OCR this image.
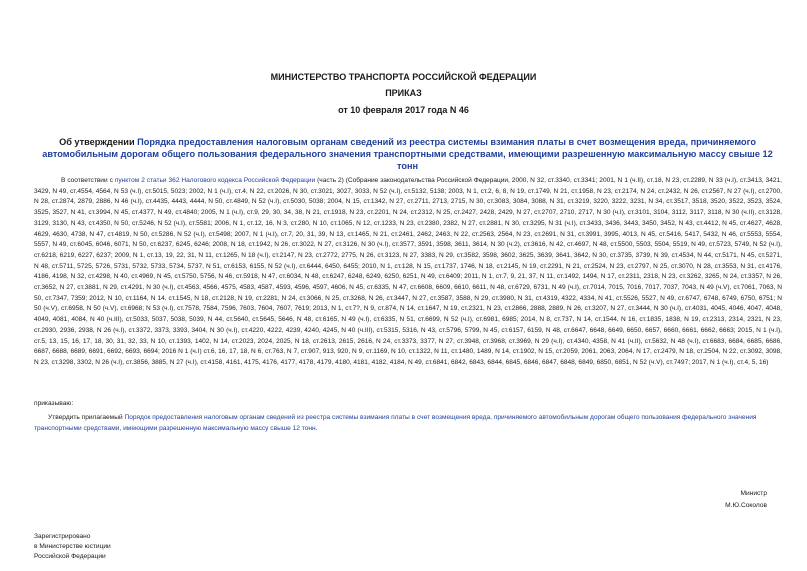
МИНИСТЕРСТВО ТРАНСПОРТА РОССИЙСКОЙ ФЕДЕРАЦИИ
ПРИКАЗ
от 10 февраля 2017 года N 46
Об утверждении Порядка предоставления налоговым органам сведений из реестра системы взимания платы в счет возмещения вреда, причиняемого автомобильным дорогам общего пользования федерального значения транспортными средствами, имеющими разрешенную максимальную массу свыше 12 тонн
В соответствии с пунктом 2 статьи 362 Налогового кодекса Российской Федерации (часть 2) (Собрание законодательства Российской Федерации, 2000, N 32, ст.3340, ст.3341; 2001, N 1 (ч.II), ст.18, N 23, ст.2289, N 33 (ч.I), ст.3413, 3421, 3429, N 49, ст.4554, 4564, N 53 (ч.I), ст.5015, 5023; 2002, N 1 (ч.I), ст.4, N 22, ст.2026, N 30, ст.3021, 3027, 3033, N 52 (ч.I), ст.5132, 5138; 2003, N 1, ст.2, 6, 8, N 19, ст.1749, N 21, ст.1958, N 23, ст.2174, N 24, ст.2432, N 26, ст.2567, N 27 (ч.I), ст.2700, N 28, ст.2874, 2879, 2886, N 46 (ч.I), ст.4435, 4443, 4444, N 50, ст.4849, N 52 (ч.I), ст.5030, 5038; 2004, N 15, ст.1342, N 27, ст.2711, 2713, 2715, N 30, ст.3083, 3084, 3088, N 31, ст.3219, 3220, 3222, 3231, N 34, ст.3517, 3518, 3520, 3522, 3523, 3524, 3525, 3527, N 41, ст.3994, N 45, ст.4377, N 49, ст.4840; 2005, N 1 (ч.I), ст.9, 29, 30, 34, 38, N 21, ст.1918, N 23, ст.2201, N 24, ст.2312, N 25, ст.2427, 2428, 2429, N 27, ст.2707, 2710, 2717, N 30 (ч.I), ст.3101, 3104, 3112, 3117, 3118, N 30 (ч.II), ст.3128, 3129, 3130, N 43, ст.4350, N 50, ст.5246, N 52 (ч.I), ст.5581; 2006, N 1, ст.12, 16, N 3, ст.280, N 10, ст.1065, N 12, ст.1233, N 23, ст.2380, 2382, N 27, ст.2881, N 30, ст.3295, N 31 (ч.I), ст.3433, 3436, 3443, 3450, 3452, N 43, ст.4412, N 45, ст.4627, 4628, 4629, 4630, 4738, N 47, ст.4819, N 50, ст.5286, N 52 (ч.I), ст.5498; 2007, N 1 (ч.I), ст.7, 20, 31, 39, N 13, ст.1465, N 21, ст.2461, 2462, 2463, N 22, ст.2563, 2564, N 23, ст.2691, N 31, ст.3991, 3995, 4013, N 45, ст.5416, 5417, 5432, N 46, ст.5553, 5554, 5557, N 49, ст.6045, 6046, 6071, N 50, ст.6237, 6245, 6246; 2008, N 18, ст.1942, N 26, ст.3022, N 27, ст.3126, N 30 (ч.I), ст.3577, 3591, 3598, 3611, 3614, N 30 (ч.2), ст.3616, N 42, ст.4697, N 48, ст.5500, 5503, 5504, 5519, N 49, ст.5723, 5749, N 52 (ч.I), ст.6218, 6219, 6227, 6237; 2009, N 1, ст.13, 19, 22, 31, N 11, ст.1265, N 18 (ч.I), ст.2147, N 23, ст.2772, 2775, N 26, ст.3123, N 27, 3383, N 29, ст.3582, 3598, 3602, 3625, 3639, 3641, 3642, N 30, ст.3735, 3739, N 39, ст.4534, N 44, ст.5171, N 45, ст.5271, N 48, ст.5711, 5725, 5726, 5731, 5732, 5733, 5734, 5737, N 51, ст.6153, 6155, N 52 (ч.I), ст.6444, 6450, 6455; 2010, N 1, ст.128, N 15, ст.1737, 1746, N 18, ст.2145, N 19, ст.2291, N 21, ст.2524, N 23, ст.2797, N 25, ст.3070, N 28, ст.3553, N 31, ст.4176, 4186, 4198, N 32, ст.4298, N 40, ст.4969, N 45, ст.5750, 5756, N 46, ст.5918, N 47, ст.6034, N 48, ст.6247, 6248, 6249, 6250, 6251, N 49, ст.6409; 2011, N 1, ст.7, 9, 21, 37, N 11, ст.1492, 1494, N 17, ст.2311, 2318, N 23, ст.3262, 3265, N 24, ст.3357, N 26, ст.3652, N 27, ст.3881, N 29, ст.4291, N 30 (ч.I), ст.4563, 4566, 4575, 4583, 4587, 4593, 4596, 4597, 4606, N 45, ст.6335, N 47, ст.6608, 6609, 6610, 6611, N 48, ст.6729, 6731, N 49 (ч.I), ст.7014, 7015, 7016, 7017, 7037, 7043, N 49 (ч.V), ст.7061, 7063, N 50, ст.7347, 7359; 2012, N 10, ст.1164, N 14, ст.1545, N 18, ст.2128, N 19, ст.2281, N 24, ст.3066, N 25, ст.3268, N 26, ст.3447, N 27, ст.3587, 3588, N 29, ст.3980, N 31, ст.4319, 4322, 4334, N 41, ст.5526, 5527, N 49, ст.6747, 6748, 6749, 6750, 6751; N 50 (ч.V), ст.6958, N 50 (ч.V), ст.6968; N 53 (ч.I), ст.7578, 7584, 7596, 7603, 7604, 7607, 7619; 2013, N 1, ст.7?, N 9, ст.874, N 14, ст.1647, N 19, ст.2321, N 23, ст.2866, 2888, 2889, N 26, ст.3207, N 27, ст.3444, N 30 (ч.I), ст.4031, 4045, 4046, 4047, 4048, 4049, 4081, 4084, N 40 (ч.III), ст.5033, 5037, 5038, 5039, N 44, ст.5640, ст.5645, 5646, N 48, ст.6165, N 49 (ч.I), ст.6335, N 51, ст.6699, N 52 (ч.I), ст.6981, 6985; 2014, N 8, ст.737, N 14, ст.1544, N 16, ст.1835, 1838, N 19, ст.2313, 2314, 2321, N 23, ст.2930, 2936, 2938, N 26 (ч.I), ст.3372, 3373, 3393, 3404, N 30 (ч.I), ст.4220, 4222, 4239, 4240, 4245, N 40 (ч.III), ст.5315, 5316, N 43, ст.5796, 5799, N 45, ст.6157, 6159, N 48, ст.6647, 6648, 6649, 6650, 6657, 6660, 6661, 6662, 6663; 2015, N 1 (ч.I), ст.5, 13, 15, 16, 17, 18, 30, 31, 32, 33, N 10, ст.1393, 1402, N 14, ст.2023, 2024, 2025, N 18, ст.2613, 2615, 2616, N 24, ст.3373, 3377, N 27, ст.3948, ст.3968, ст.3969, N 29 (ч.I), ст.4340, 4358, N 41 (ч.II), ст.5632, N 48 (ч.I), ст.6683, 6684, 6685, 6686, 6687, 6688, 6689, 6691, 6692, 6693, 6694; 2016 N 1 (ч.I) ст.6, 16, 17, 18, N 6, ст.763, N 7, ст.907, 913, 920, N 9, ст.1169, N 10, ст.1322, N 11, ст.1480, 1489, N 14, ст.1902, N 15, ст.2059, 2061, 2063, 2064, N 17, ст.2479, N 18, ст.2504, N 22, ст.3092, 3098, N 23, ст.3298, 3302, N 26 (ч.I), ст.3856, 3885, N 27 (ч.I), ст.4158, 4161, 4175, 4176, 4177, 4178, 4179, 4180, 4181, 4182, 4184, N 49, ст.6841, 6842, 6843, 6844, 6845, 6846, 6847, 6848, 6849, 6850, 6851, N 52 (ч.V), ст.7497; 2017, N 1 (ч.I), ст.4, 5, 16)
приказываю:
Утвердить прилагаемый Порядок предоставления налоговым органам сведений из реестра системы взимания платы в счет возмещения вреда, причиняемого автомобильным дорогам общего пользования федерального значения транспортными средствами, имеющими разрешенную максимальную массу свыше 12 тонн.
Министр
М.Ю.Соколов
Зарегистрировано
в Министерстве юстиции
Российской Федерации
